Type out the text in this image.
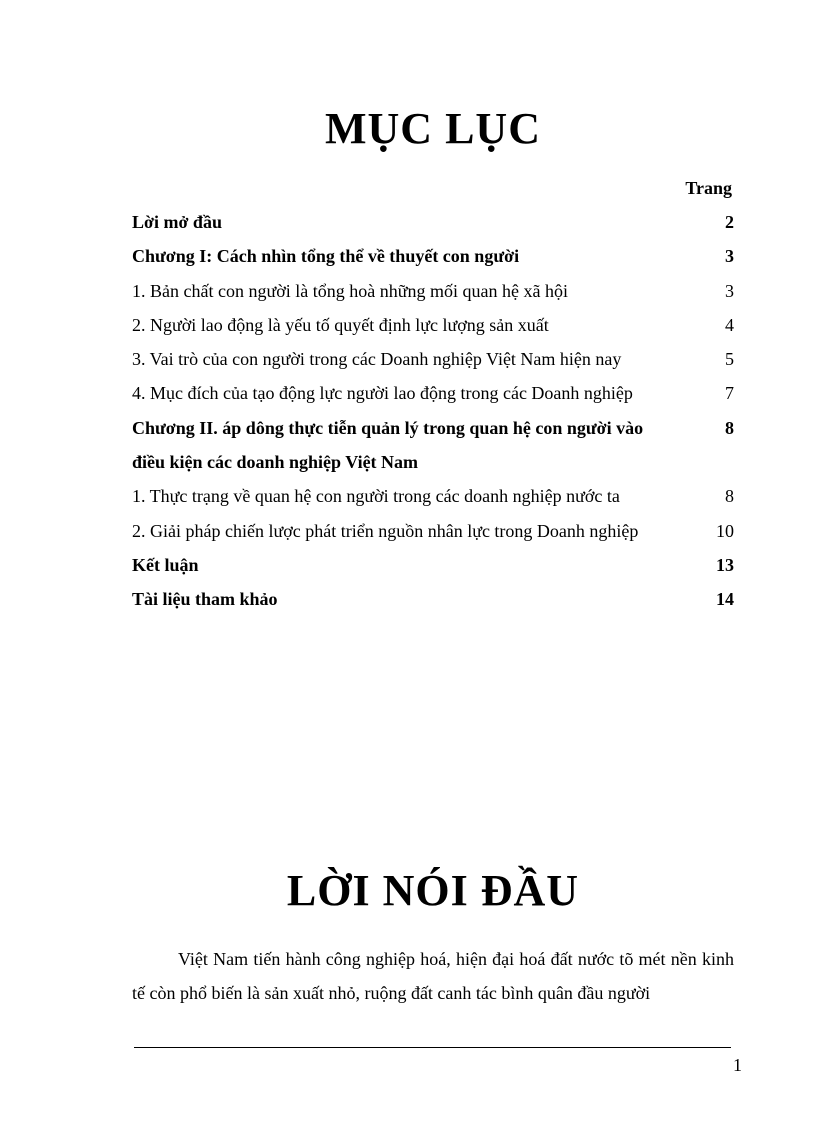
MỤC LỤC
Trang
Lời mở đầu	2
Chương I: Cách nhìn tổng thể về thuyết con người	3
1. Bản chất con người là tổng hoà những mối quan hệ xã hội	3
2. Người lao động là yếu tố quyết định lực lượng sản xuất	4
3. Vai trò của con người trong các Doanh nghiệp Việt Nam hiện nay	5
4. Mục đích của tạo động lực người lao động trong các Doanh nghiệp	7
Chương II. áp dông thực tiễn quản lý trong quan hệ con người vào	8
điều kiện các doanh nghiệp Việt Nam
1. Thực trạng về quan hệ con người trong các doanh nghiệp nước ta	8
2. Giải pháp chiến lược phát triển nguồn nhân lực trong Doanh nghiệp	10
Kết luận	13
Tài liệu tham khảo	14
LỜI NÓI ĐẦU
Việt Nam tiến hành công nghiệp hoá, hiện đại hoá đất nước tõ mét nền kinh tế còn phổ biến là sản xuất nhỏ, ruộng đất canh tác bình quân đầu người
1
